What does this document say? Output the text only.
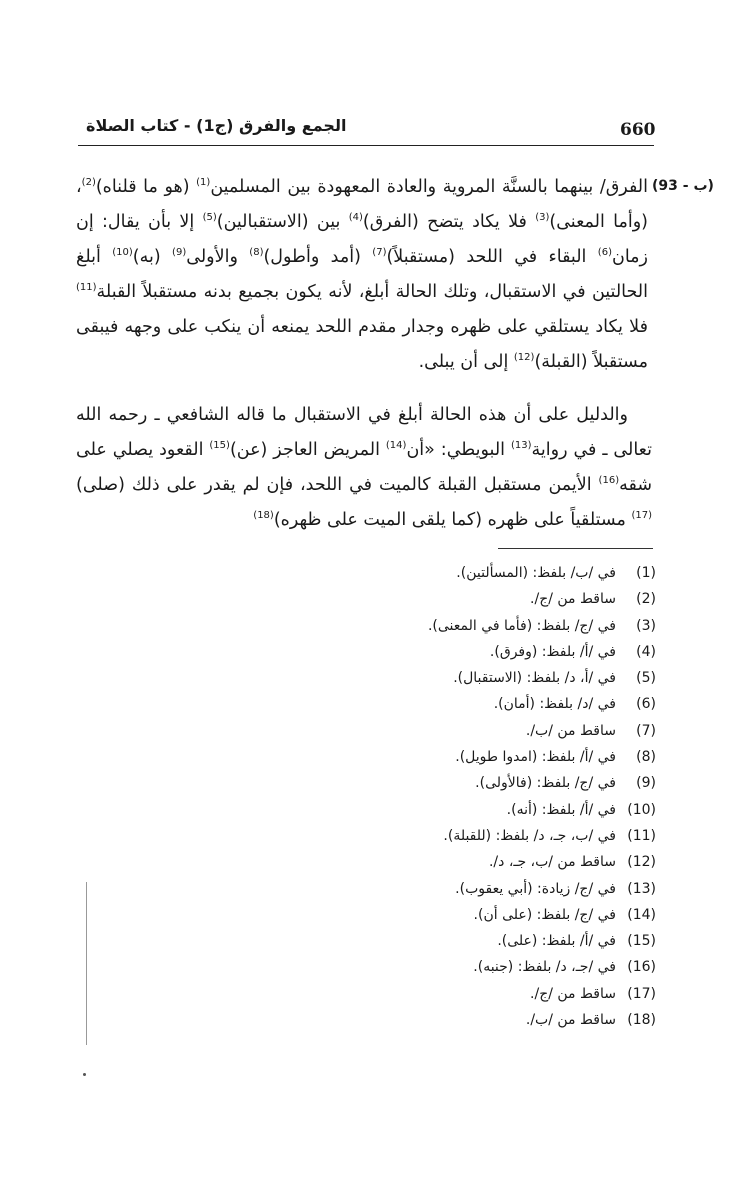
660
الجمع والفرق (ج1) - كتاب الصلاة
(93 - ب)
الفرق/ بينهما بالسنَّة المروية والعادة المعهودة بين المسلمين$^{(1)}$ (هو ما قلناه)$^{(2)}$، (وأما المعنى)$^{(3)}$ فلا يكاد يتضح (الفرق)$^{(4)}$ بين (الاستقبالين)$^{(5)}$ إلا بأن يقال: إن زمان$^{(6)}$ البقاء في اللحد (مستقبلاً)$^{(7)}$ (أمد وأطول)$^{(8)}$ والأولى$^{(9)}$ (به)$^{(10)}$ أبلغ الحالتين في الاستقبال، وتلك الحالة أبلغ، لأنه يكون بجميع بدنه مستقبلاً القبلة$^{(11)}$ فلا يكاد يستلقي على ظهره وجدار مقدم اللحد يمنعه أن ينكب على وجهه فيبقى مستقبلاً (القبلة)$^{(12)}$ إلى أن يبلى.
والدليل على أن هذه الحالة أبلغ في الاستقبال ما قاله الشافعي ـ رحمه الله تعالى ـ في رواية$^{(13)}$ البويطي: «أن$^{(14)}$ المريض العاجز (عن)$^{(15)}$ القعود يصلي على شقه$^{(16)}$ الأيمن مستقبل القبلة كالميت في اللحد، فإن لم يقدر على ذلك (صلى)$^{(17)}$ مستلقياً على ظهره (كما يلقى الميت على ظهره)$^{(18)}$
(1)في /ب/ بلفظ: (المسألتين).
(2)ساقط من /ج/.
(3)في /ج/ بلفظ: (فأما في المعنى).
(4)في /أ/ بلفظ: (وفرق).
(5)في /أ، د/ بلفظ: (الاستقبال).
(6)في /د/ بلفظ: (أمان).
(7)ساقط من /ب/.
(8)في /أ/ بلفظ: (امدوا طويل).
(9)في /ج/ بلفظ: (فالأولى).
(10)في /أ/ بلفظ: (أنه).
(11)في /ب، جـ، د/ بلفظ: (للقبلة).
(12)ساقط من /ب، جـ، د/.
(13)في /ج/ زيادة: (أبي يعقوب).
(14)في /ج/ بلفظ: (على أن).
(15)في /أ/ بلفظ: (على).
(16)في /جـ، د/ بلفظ: (جنبه).
(17)ساقط من /ج/.
(18)ساقط من /ب/.
